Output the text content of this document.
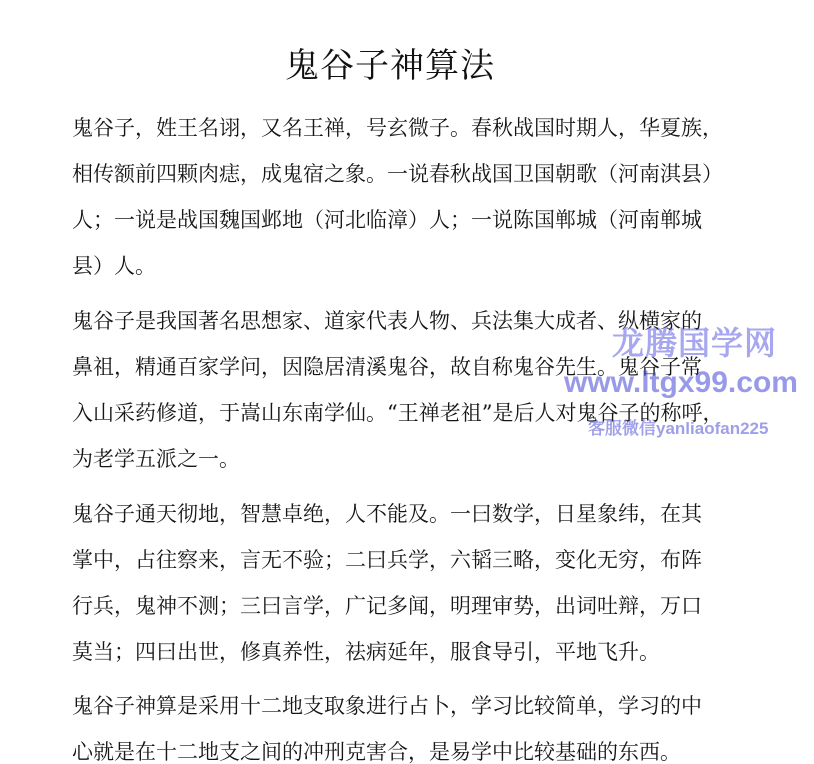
鬼谷子神算法
鬼谷子，姓王名诩，又名王禅，号玄微子。春秋战国时期人，华夏族，
相传额前四颗肉痣，成鬼宿之象。一说春秋战国卫国朝歌（河南淇县）
人；一说是战国魏国邺地（河北临漳）人；一说陈国郸城（河南郸城
县）人。
鬼谷子是我国著名思想家、道家代表人物、兵法集大成者、纵横家的
鼻祖，精通百家学问，因隐居清溪鬼谷，故自称鬼谷先生。鬼谷子常
入山采药修道，于嵩山东南学仙。“王禅老祖”是后人对鬼谷子的称呼，
为老学五派之一。
鬼谷子通天彻地，智慧卓绝，人不能及。一曰数学，日星象纬，在其
掌中，占往察来，言无不验；二曰兵学，六韬三略，变化无穷，布阵
行兵，鬼神不测；三曰言学，广记多闻，明理审势，出词吐辩，万口
莫当；四曰出世，修真养性，祛病延年，服食导引，平地飞升。
鬼谷子神算是采用十二地支取象进行占卜，学习比较简单，学习的中
心就是在十二地支之间的冲刑克害合，是易学中比较基础的东西。
龙腾国学网
www.ltgx99.com
客服微信yanliaofan225
